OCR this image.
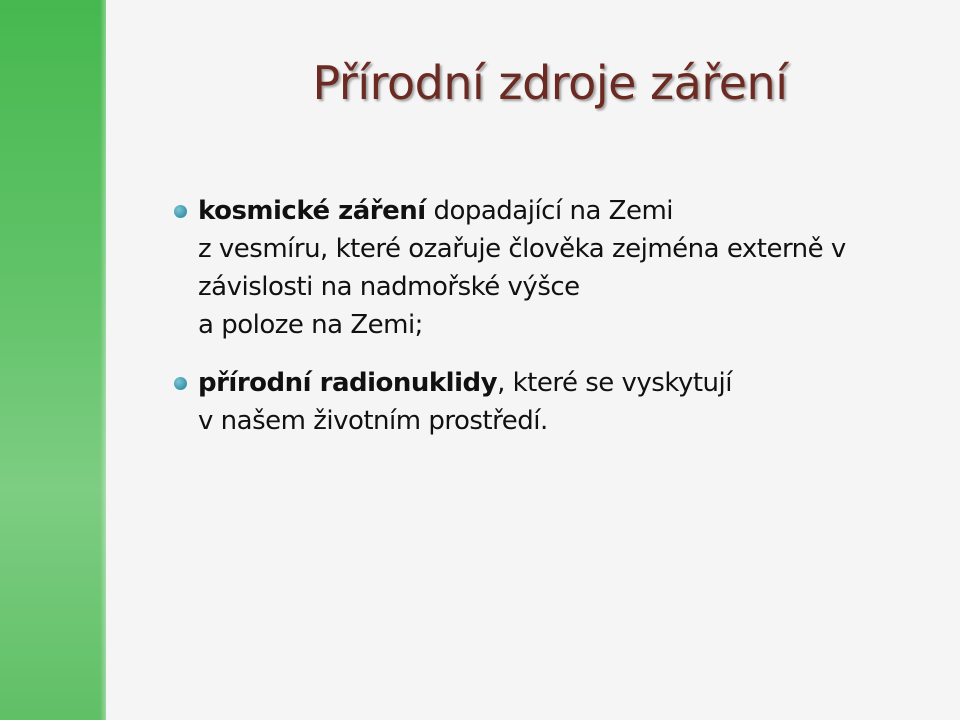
Přírodní zdroje záření
kosmické záření dopadající na Zemi
z vesmíru, které ozařuje člověka zejména externě v
závislosti na nadmořské výšce
a poloze na Zemi;
přírodní radionuklidy, které se vyskytují
v našem životním prostředí.
